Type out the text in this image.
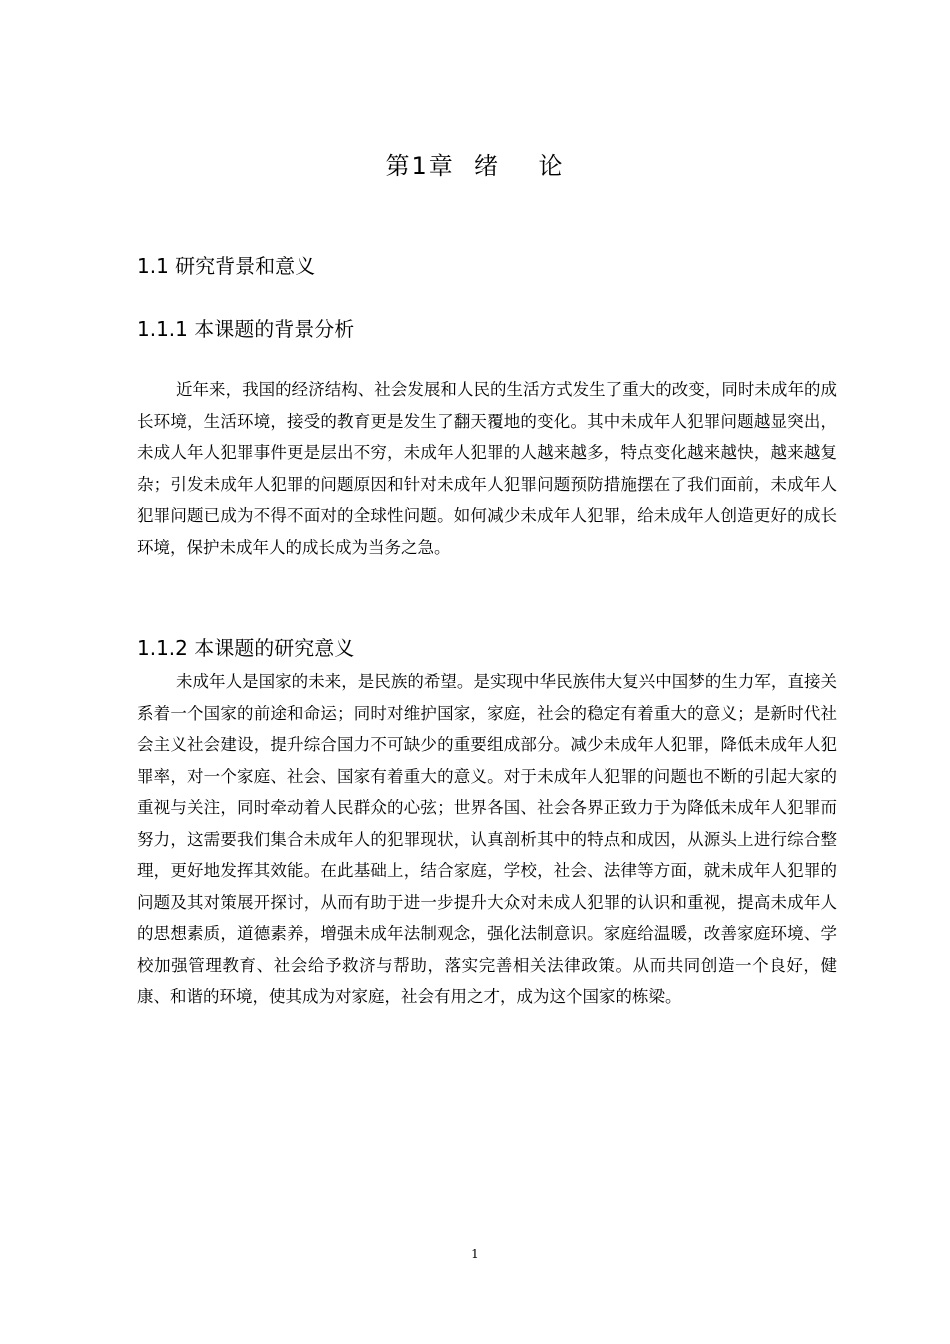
第1章  绪    论
1.1 研究背景和意义
1.1.1 本课题的背景分析

近年来，我国的经济结构、社会发展和人民的生活方式发生了重大的改变，同时未成年的成长环境，生活环境，接受的教育更是发生了翻天覆地的变化。其中未成年人犯罪问题越显突出，未成人年人犯罪事件更是层出不穷，未成年人犯罪的人越来越多，特点变化越来越快，越来越复杂；引发未成年人犯罪的问题原因和针对未成年人犯罪问题预防措施摆在了我们面前，未成年人犯罪问题已成为不得不面对的全球性问题。如何减少未成年人犯罪，给未成年人创造更好的成长环境，保护未成年人的成长成为当务之急。

1.1.2 本课题的研究意义

未成年人是国家的未来，是民族的希望。是实现中华民族伟大复兴中国梦的生力军，直接关系着一个国家的前途和命运；同时对维护国家，家庭，社会的稳定有着重大的意义；是新时代社会主义社会建设，提升综合国力不可缺少的重要组成部分。减少未成年人犯罪，降低未成年人犯罪率，对一个家庭、社会、国家有着重大的意义。对于未成年人犯罪的问题也不断的引起大家的重视与关注，同时牵动着人民群众的心弦；世界各国、社会各界正致力于为降低未成年人犯罪而努力，这需要我们集合未成年人的犯罪现状，认真剖析其中的特点和成因，从源头上进行综合整理，更好地发挥其效能。在此基础上，结合家庭，学校，社会、法律等方面，就未成年人犯罪的问题及其对策展开探讨，从而有助于进一步提升大众对未成人犯罪的认识和重视，提高未成年人的思想素质，道德素养，增强未成年法制观念，强化法制意识。家庭给温暖，改善家庭环境、学校加强管理教育、社会给予救济与帮助，落实完善相关法律政策。从而共同创造一个良好，健康、和谐的环境，使其成为对家庭，社会有用之才，成为这个国家的栋梁。

1
